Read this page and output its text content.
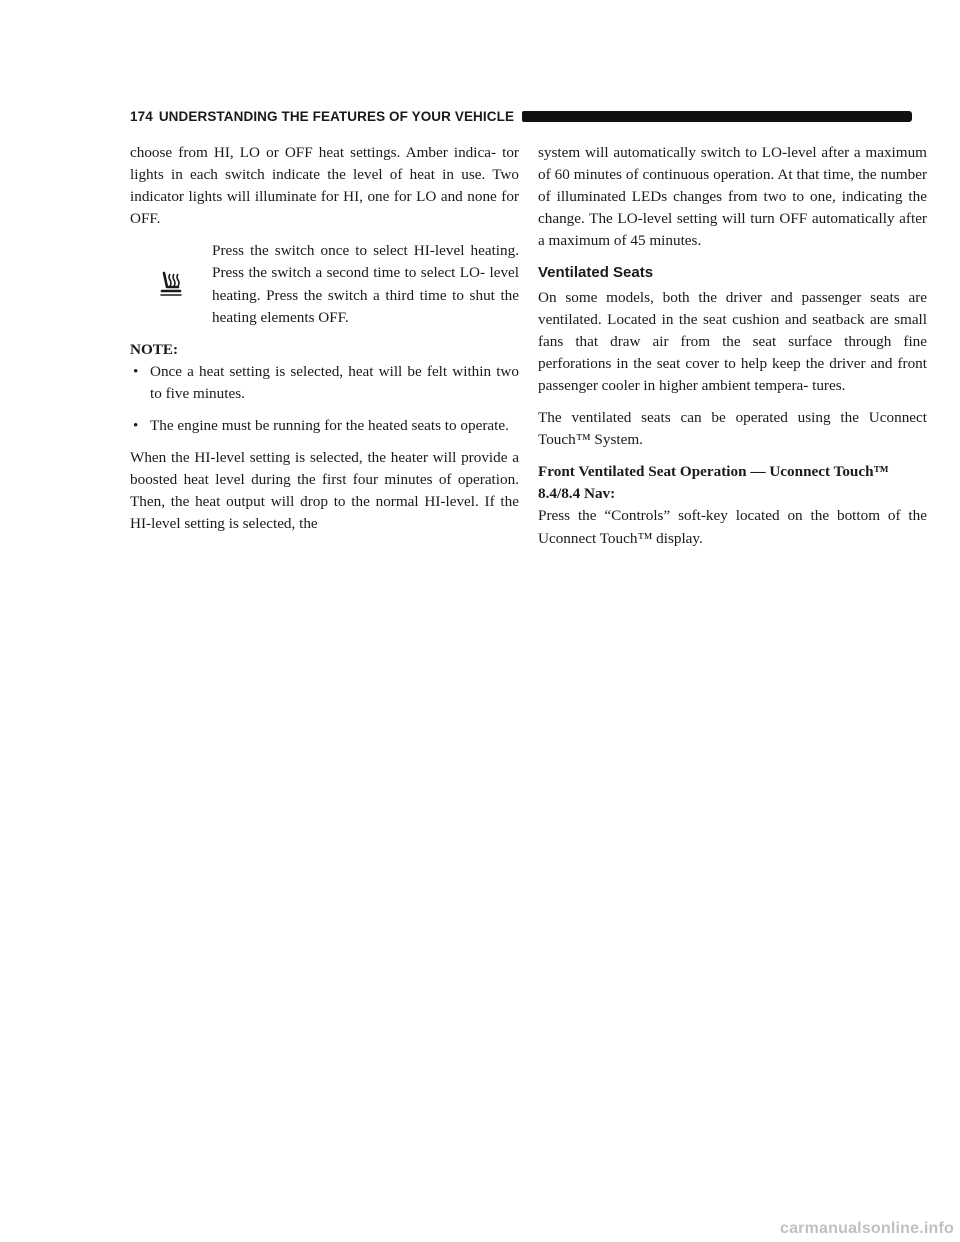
174 UNDERSTANDING THE FEATURES OF YOUR VEHICLE

choose from HI, LO or OFF heat settings. Amber indica- tor lights in each switch indicate the level of heat in use. Two indicator lights will illuminate for HI, one for LO and none for OFF.

Press the switch once to select HI-level heating. Press the switch a second time to select LO- level heating. Press the switch a third time to shut the heating elements OFF.

NOTE:

• Once a heat setting is selected, heat will be felt within two to five minutes.
• The engine must be running for the heated seats to operate.

When the HI-level setting is selected, the heater will provide a boosted heat level during the first four minutes of operation. Then, the heat output will drop to the normal HI-level. If the HI-level setting is selected, the

system will automatically switch to LO-level after a maximum of 60 minutes of continuous operation. At that time, the number of illuminated LEDs changes from two to one, indicating the change. The LO-level setting will turn OFF automatically after a maximum of 45 minutes.

Ventilated Seats

On some models, both the driver and passenger seats are ventilated. Located in the seat cushion and seatback are small fans that draw air from the seat surface through fine perforations in the seat cover to help keep the driver and front passenger cooler in higher ambient tempera- tures.

The ventilated seats can be operated using the Uconnect Touch™ System.

Front Ventilated Seat Operation — Uconnect Touch™ 8.4/8.4 Nav:

Press the “Controls” soft-key located on the bottom of the Uconnect Touch™ display.

carmanualsonline.info
